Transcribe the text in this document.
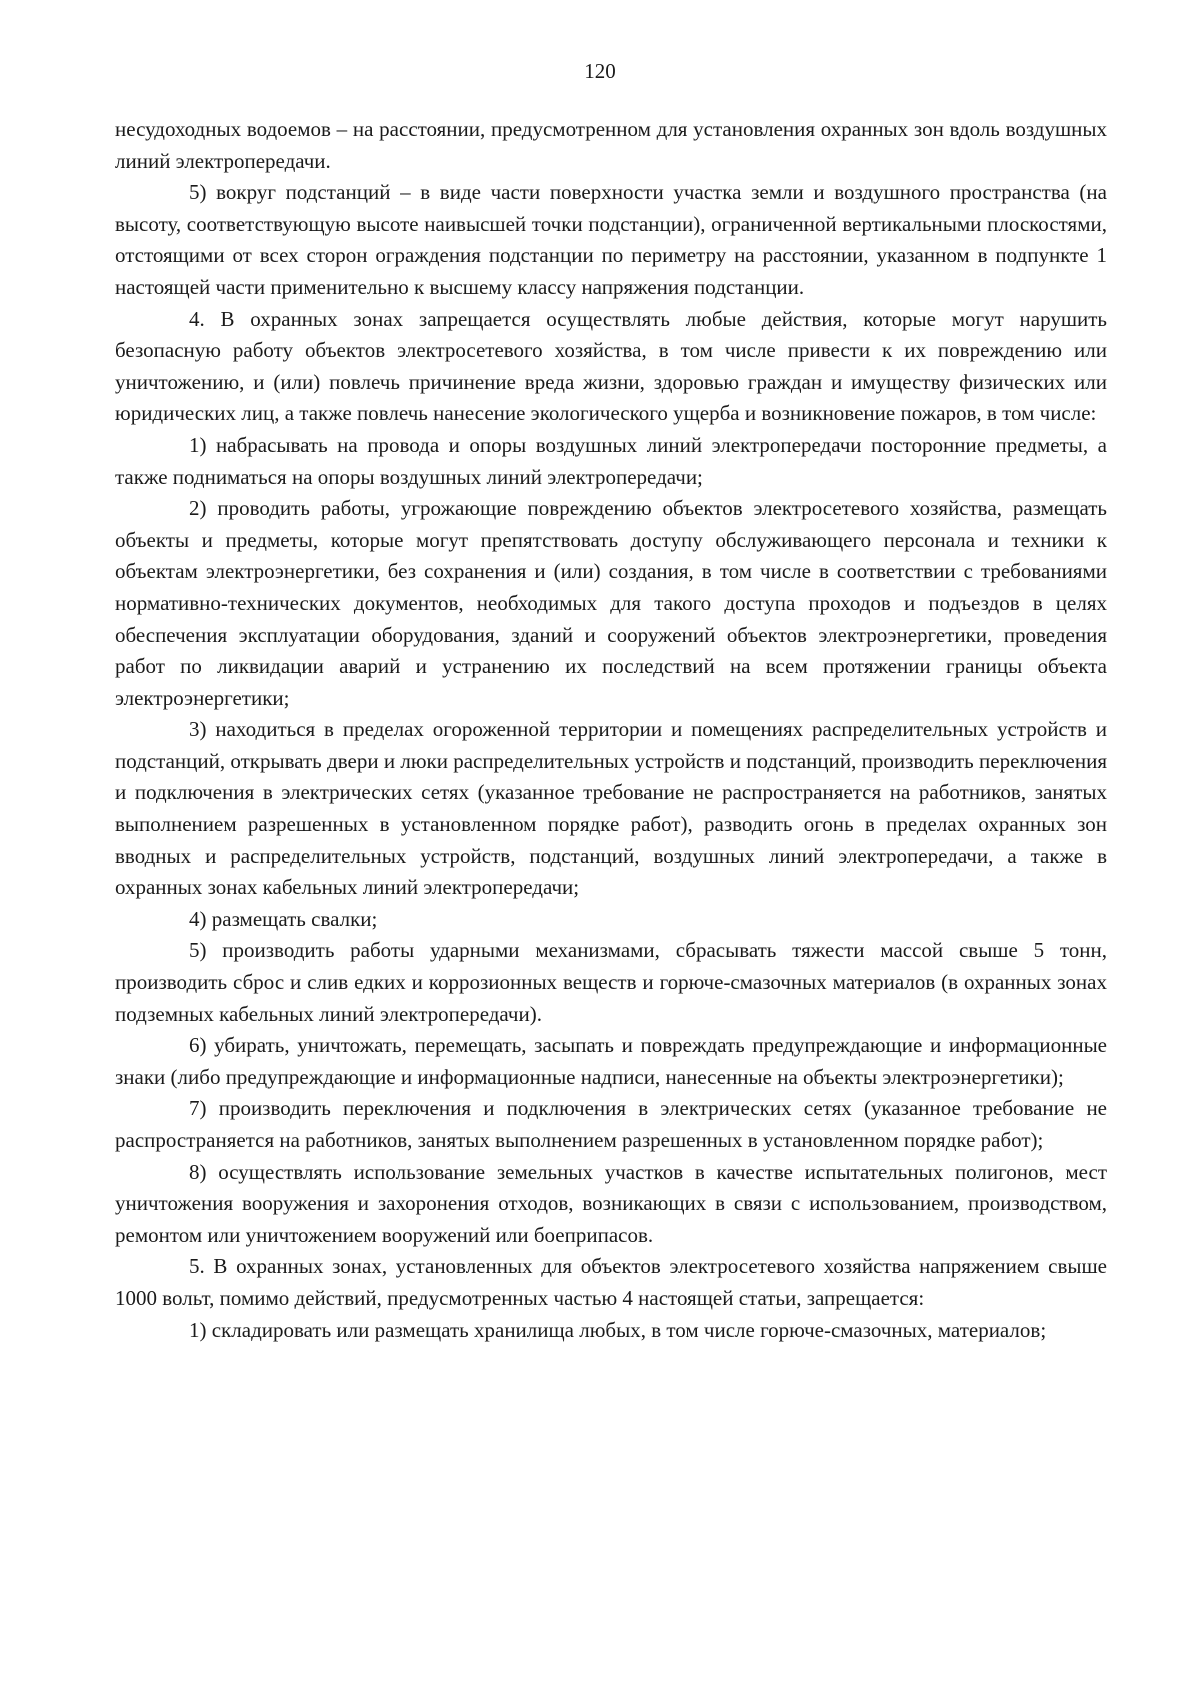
120

несудоходных водоемов – на расстоянии, предусмотренном для установления охранных зон вдоль воздушных линий электропередачи.

5) вокруг подстанций – в виде части поверхности участка земли и воздушного пространства (на высоту, соответствующую высоте наивысшей точки подстанции), ограниченной вертикальными плоскостями, отстоящими от всех сторон ограждения подстанции по периметру на расстоянии, указанном в подпункте 1 настоящей части применительно к высшему классу напряжения подстанции.

4. В охранных зонах запрещается осуществлять любые действия, которые могут нарушить безопасную работу объектов электросетевого хозяйства, в том числе привести к их повреждению или уничтожению, и (или) повлечь причинение вреда жизни, здоровью граждан и имуществу физических или юридических лиц, а также повлечь нанесение экологического ущерба и возникновение пожаров, в том числе:

1) набрасывать на провода и опоры воздушных линий электропередачи посторонние предметы, а также подниматься на опоры воздушных линий электропередачи;

2) проводить работы, угрожающие повреждению объектов электросетевого хозяйства, размещать объекты и предметы, которые могут препятствовать доступу обслуживающего персонала и техники к объектам электроэнергетики, без сохранения и (или) создания, в том числе в соответствии с требованиями нормативно-технических документов, необходимых для такого доступа проходов и подъездов в целях обеспечения эксплуатации оборудования, зданий и сооружений объектов электроэнергетики, проведения работ по ликвидации аварий и устранению их последствий на всем протяжении границы объекта электроэнергетики;

3) находиться в пределах огороженной территории и помещениях распределительных устройств и подстанций, открывать двери и люки распределительных устройств и подстанций, производить переключения и подключения в электрических сетях (указанное требование не распространяется на работников, занятых выполнением разрешенных в установленном порядке работ), разводить огонь в пределах охранных зон вводных и распределительных устройств, подстанций, воздушных линий электропередачи, а также в охранных зонах кабельных линий электропередачи;

4) размещать свалки;

5) производить работы ударными механизмами, сбрасывать тяжести массой свыше 5 тонн, производить сброс и слив едких и коррозионных веществ и горюче-смазочных материалов (в охранных зонах подземных кабельных линий электропередачи).

6) убирать, уничтожать, перемещать, засыпать и повреждать предупреждающие и информационные знаки (либо предупреждающие и информационные надписи, нанесенные на объекты электроэнергетики);

7) производить переключения и подключения в электрических сетях (указанное требование не распространяется на работников, занятых выполнением разрешенных в установленном порядке работ);

8) осуществлять использование земельных участков в качестве испытательных полигонов, мест уничтожения вооружения и захоронения отходов, возникающих в связи с использованием, производством, ремонтом или уничтожением вооружений или боеприпасов.

5. В охранных зонах, установленных для объектов электросетевого хозяйства напряжением свыше 1000 вольт, помимо действий, предусмотренных частью 4 настоящей статьи, запрещается:

1) складировать или размещать хранилища любых, в том числе горюче-смазочных, материалов;
